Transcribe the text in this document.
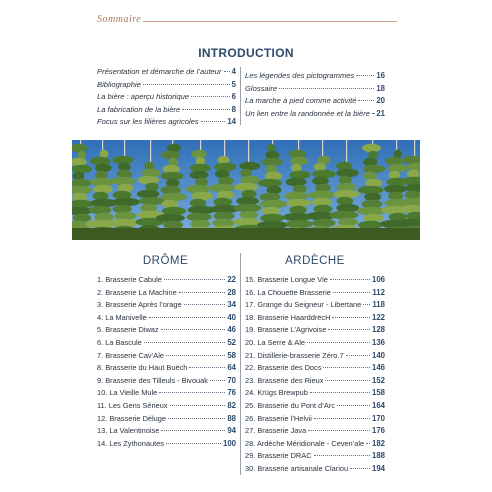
Sommaire
INTRODUCTION
Présentation et démarche de l’auteur 4
Bibliographie	5
La bière : aperçu historique	6
La fabrication de la bière	8
Focus sur les filières agricoles	14
Les légendes des pictogrammes	16
Glossaire	18
La marche à pied comme activité	20
Un lien entre la randonnée et la bière 21
DRÔME	ARDÈCHE
1. Brasserie Cabule	22
2. Brasserie La Machine	28
3. Brasserie Après l’orage	34
4. La Manivelle	40
5. Brasserie Diwaz	46
6. La Bascule	52
7. Brasserie Cav’Ale	58
8. Brasserie du Haut Buëch	64
9. Brasserie des Tilleuls - Bivouak 70
10. La Vieille Mule	76
11. Les Gens Sérieux	82
12. Brasserie Déluge	88
13. La Valentinoise	94
14. Les Zythonautes	100
15. Brasserie Longue Vie	106
16. La Chouette Brasserie	112
17. Grange du Seigneur - Libertane 118
18. Brasserie HaarddrëcH	122
19. Brasserie L’Agrivoise	128
20. La Serre & Ale	136
21. Distillerie-brasserie Zéro.7	140
22. Brasserie des Docs	146
23. Brasserie des Rieux	152
24. Krügs Brewpub	158
25. Brasserie du Pont d’Arc	164
26. Brasserie l’Helvii	170
27. Brasserie Java	176
28. Ardèche Méridionale - Ceven’ale 182
29. Brasserie DRAC	188
30. Brasserie artisanale Clariou	194
